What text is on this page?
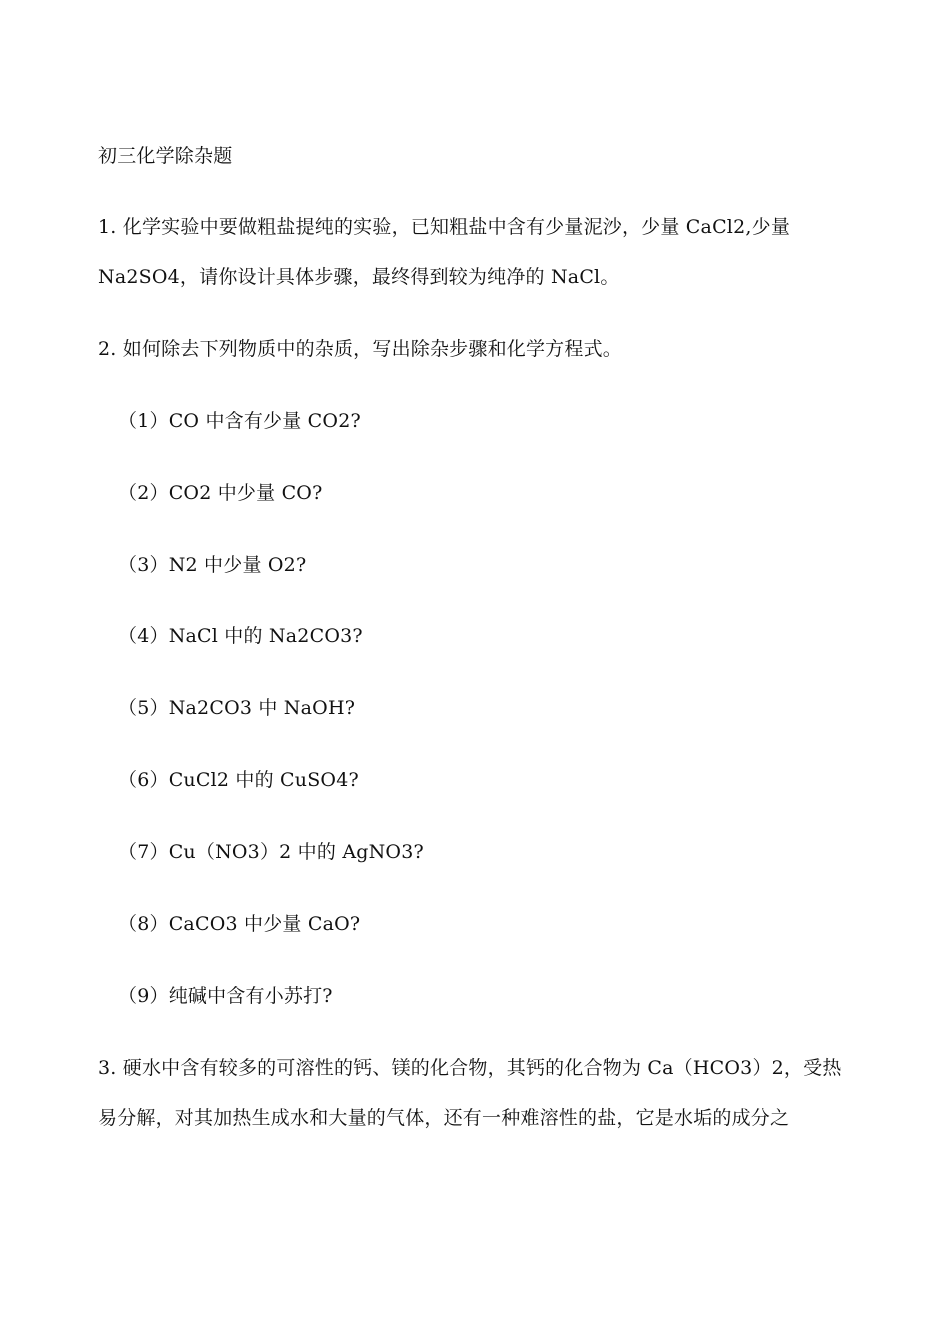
初三化学除杂题
1. 化学实验中要做粗盐提纯的实验，已知粗盐中含有少量泥沙，少量 CaCl2,少量
Na2SO4，请你设计具体步骤，最终得到较为纯净的 NaCl。
2. 如何除去下列物质中的杂质，写出除杂步骤和化学方程式。
（1）CO 中含有少量 CO2?
（2）CO2 中少量 CO?
（3）N2 中少量 O2?
（4）NaCl 中的 Na2CO3?
（5）Na2CO3 中 NaOH?
（6）CuCl2 中的 CuSO4?
（7）Cu（NO3）2 中的 AgNO3?
（8）CaCO3 中少量 CaO?
（9）纯碱中含有小苏打?
3. 硬水中含有较多的可溶性的钙、镁的化合物，其钙的化合物为 Ca（HCO3）2，受热
易分解，对其加热生成水和大量的气体，还有一种难溶性的盐，它是水垢的成分之
